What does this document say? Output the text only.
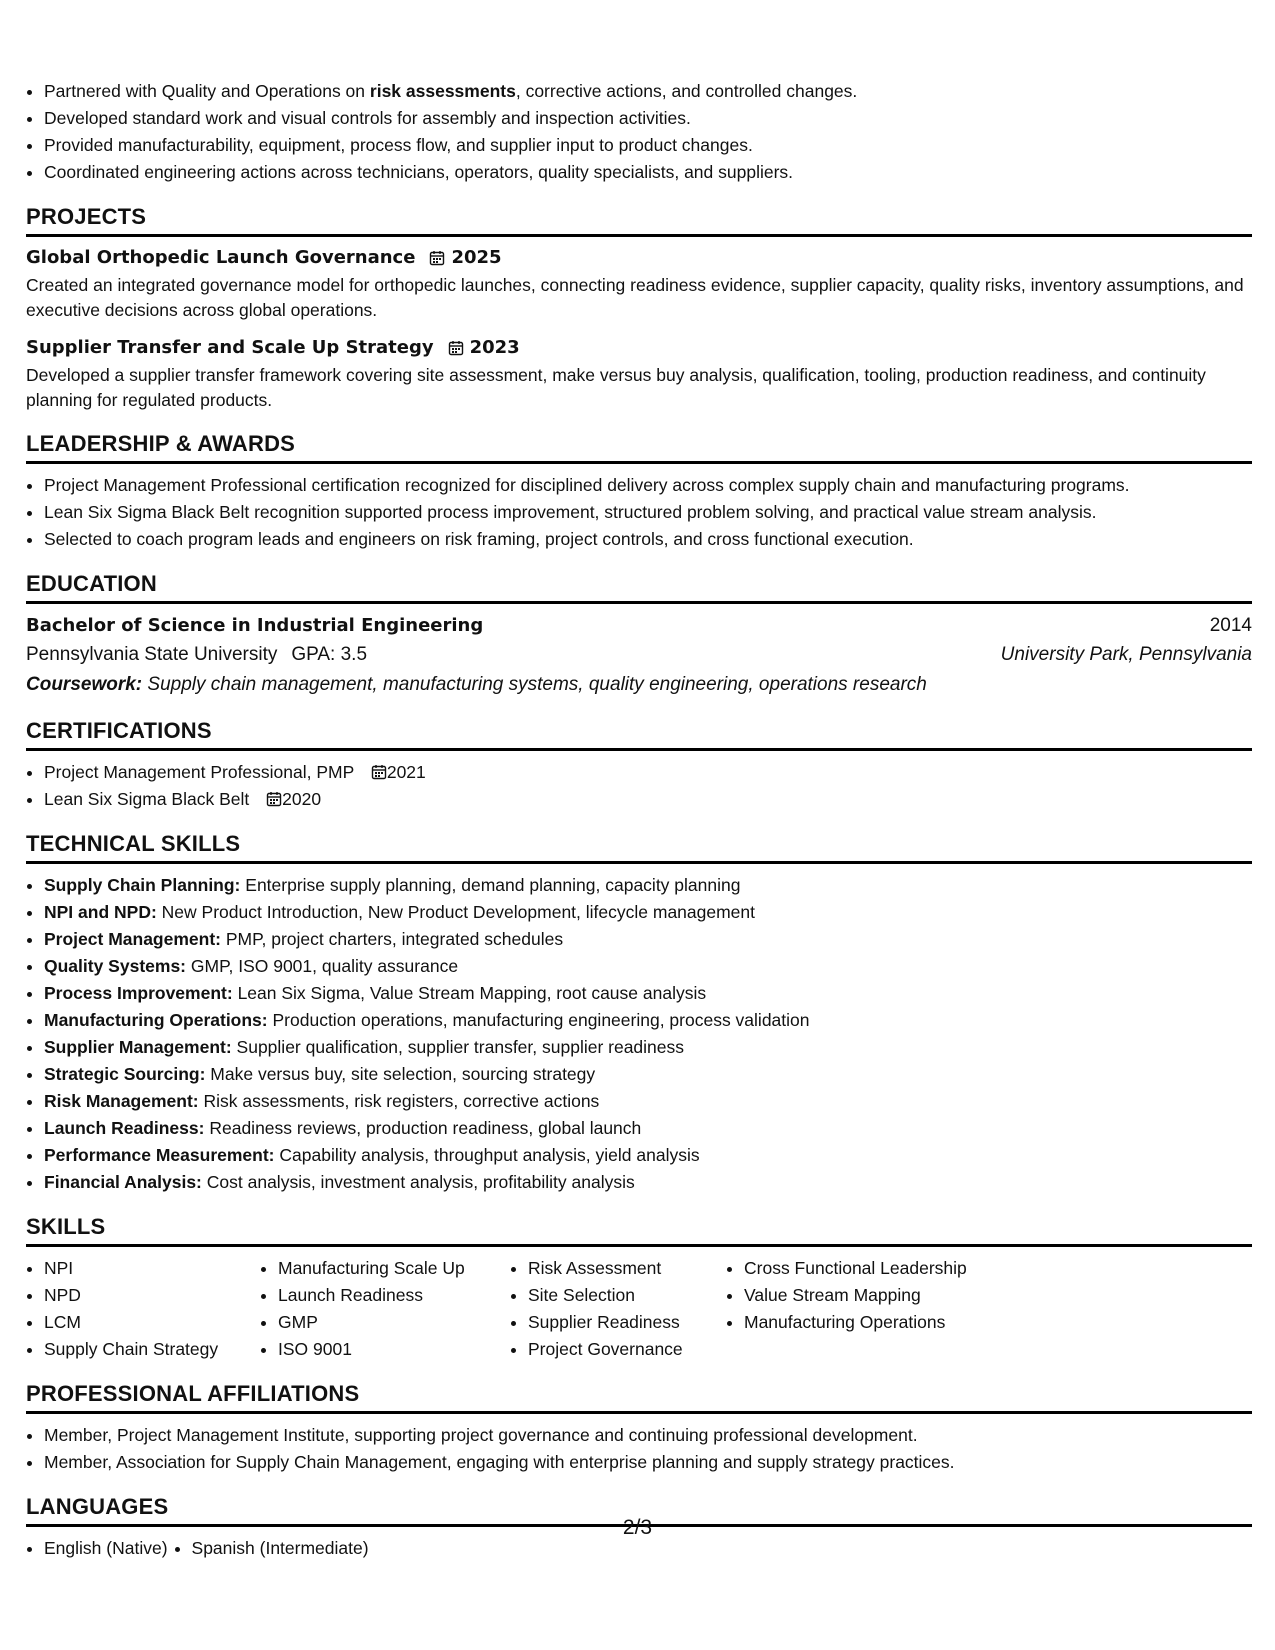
• Partnered with Quality and Operations on risk assessments, corrective actions, and controlled changes.
• Developed standard work and visual controls for assembly and inspection activities.
• Provided manufacturability, equipment, process flow, and supplier input to product changes.
• Coordinated engineering actions across technicians, operators, quality specialists, and suppliers.
PROJECTS
Global Orthopedic Launch Governance 2025
Created an integrated governance model for orthopedic launches, connecting readiness evidence, supplier capacity, quality risks, inventory assumptions, and executive decisions across global operations.
Supplier Transfer and Scale Up Strategy 2023
Developed a supplier transfer framework covering site assessment, make versus buy analysis, qualification, tooling, production readiness, and continuity planning for regulated products.
LEADERSHIP & AWARDS
• Project Management Professional certification recognized for disciplined delivery across complex supply chain and manufacturing programs.
• Lean Six Sigma Black Belt recognition supported process improvement, structured problem solving, and practical value stream analysis.
• Selected to coach program leads and engineers on risk framing, project controls, and cross functional execution.
EDUCATION
Bachelor of Science in Industrial Engineering	2014
Pennsylvania State University GPA: 3.5	University Park, Pennsylvania
Coursework: Supply chain management, manufacturing systems, quality engineering, operations research
CERTIFICATIONS
• Project Management Professional, PMP 2021
• Lean Six Sigma Black Belt 2020
TECHNICAL SKILLS
• Supply Chain Planning: Enterprise supply planning, demand planning, capacity planning
• NPI and NPD: New Product Introduction, New Product Development, lifecycle management
• Project Management: PMP, project charters, integrated schedules
• Quality Systems: GMP, ISO 9001, quality assurance
• Process Improvement: Lean Six Sigma, Value Stream Mapping, root cause analysis
• Manufacturing Operations: Production operations, manufacturing engineering, process validation
• Supplier Management: Supplier qualification, supplier transfer, supplier readiness
• Strategic Sourcing: Make versus buy, site selection, sourcing strategy
• Risk Management: Risk assessments, risk registers, corrective actions
• Launch Readiness: Readiness reviews, production readiness, global launch
• Performance Measurement: Capability analysis, throughput analysis, yield analysis
• Financial Analysis: Cost analysis, investment analysis, profitability analysis
SKILLS
• NPI
• NPD
• LCM
• Supply Chain Strategy
• Manufacturing Scale Up
• Launch Readiness
• GMP
• ISO 9001
• Risk Assessment
• Site Selection
• Supplier Readiness
• Project Governance
• Cross Functional Leadership
• Value Stream Mapping
• Manufacturing Operations
PROFESSIONAL AFFILIATIONS
• Member, Project Management Institute, supporting project governance and continuing professional development.
• Member, Association for Supply Chain Management, engaging with enterprise planning and supply strategy practices.
LANGUAGES
• English (Native)
• Spanish (Intermediate)
2/3
